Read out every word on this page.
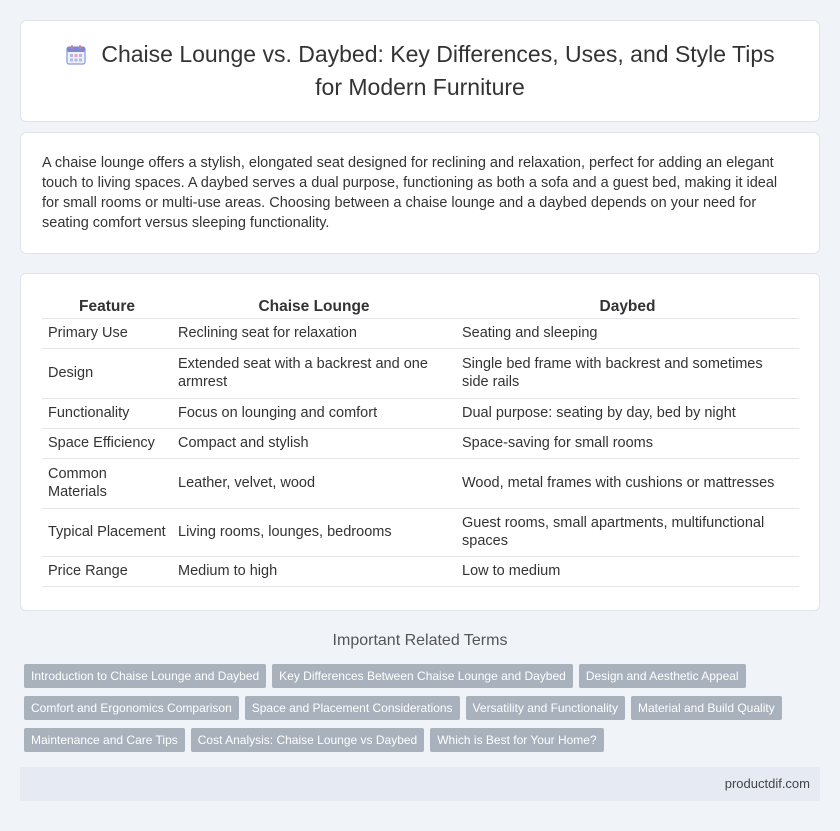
Chaise Lounge vs. Daybed: Key Differences, Uses, and Style Tips for Modern Furniture

A chaise lounge offers a stylish, elongated seat designed for reclining and relaxation, perfect for adding an elegant touch to living spaces. A daybed serves a dual purpose, functioning as both a sofa and a guest bed, making it ideal for small rooms or multi-use areas. Choosing between a chaise lounge and a daybed depends on your need for seating comfort versus sleeping functionality.

Feature	Chaise Lounge	Daybed
Primary Use	Reclining seat for relaxation	Seating and sleeping
Design	Extended seat with a backrest and one armrest	Single bed frame with backrest and sometimes side rails
Functionality	Focus on lounging and comfort	Dual purpose: seating by day, bed by night
Space Efficiency	Compact and stylish	Space-saving for small rooms
Common Materials	Leather, velvet, wood	Wood, metal frames with cushions or mattresses
Typical Placement	Living rooms, lounges, bedrooms	Guest rooms, small apartments, multifunctional spaces
Price Range	Medium to high	Low to medium
Important Related Terms
Introduction to Chaise Lounge and Daybed	Key Differences Between Chaise Lounge and Daybed	Design and Aesthetic Appeal
Comfort and Ergonomics Comparison	Space and Placement Considerations	Versatility and Functionality	Material and Build Quality
Maintenance and Care Tips	Cost Analysis: Chaise Lounge vs Daybed	Which is Best for Your Home?
productdif.com
